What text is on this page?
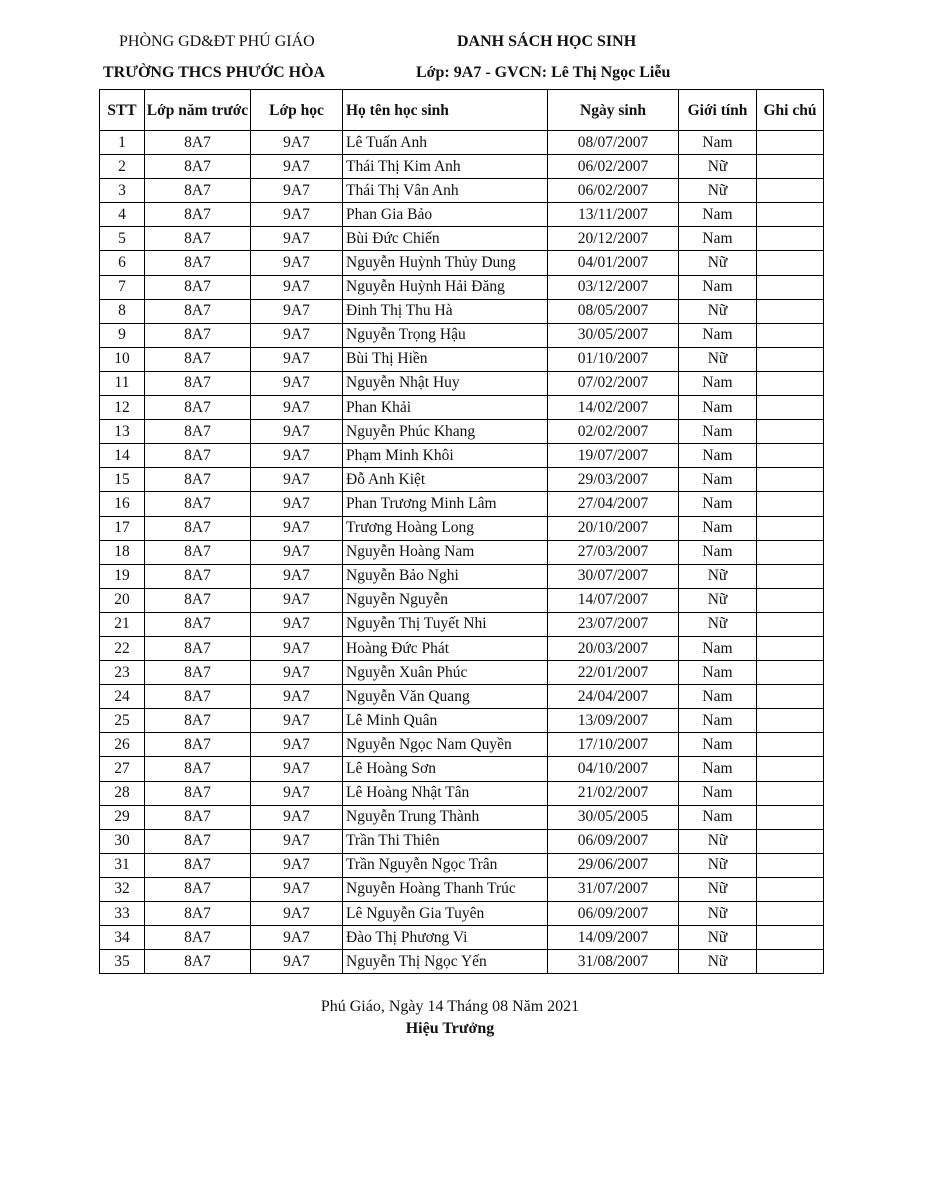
PHÒNG GD&ĐT PHÚ GIÁO
TRƯỜNG THCS PHƯỚC HÒA
DANH SÁCH HỌC SINH
Lớp: 9A7 - GVCN: Lê Thị Ngọc Liễu
STT	Lớp năm trước	Lớp học	Họ tên học sinh	Ngày sinh	Giới tính	Ghi chú
1	8A7	9A7	Lê Tuấn Anh	08/07/2007	Nam	
2	8A7	9A7	Thái Thị Kim Anh	06/02/2007	Nữ	
3	8A7	9A7	Thái Thị Vân Anh	06/02/2007	Nữ	
4	8A7	9A7	Phan Gia Bảo	13/11/2007	Nam	
5	8A7	9A7	Bùi Đức Chiến	20/12/2007	Nam	
6	8A7	9A7	Nguyễn Huỳnh Thủy Dung	04/01/2007	Nữ	
7	8A7	9A7	Nguyễn Huỳnh Hải Đăng	03/12/2007	Nam	
8	8A7	9A7	Đinh Thị Thu Hà	08/05/2007	Nữ	
9	8A7	9A7	Nguyễn Trọng Hậu	30/05/2007	Nam	
10	8A7	9A7	Bùi Thị Hiền	01/10/2007	Nữ	
11	8A7	9A7	Nguyễn Nhật Huy	07/02/2007	Nam	
12	8A7	9A7	Phan Khải	14/02/2007	Nam	
13	8A7	9A7	Nguyễn Phúc Khang	02/02/2007	Nam	
14	8A7	9A7	Phạm Minh Khôi	19/07/2007	Nam	
15	8A7	9A7	Đỗ Anh Kiệt	29/03/2007	Nam	
16	8A7	9A7	Phan Trương Minh Lâm	27/04/2007	Nam	
17	8A7	9A7	Trương Hoàng Long	20/10/2007	Nam	
18	8A7	9A7	Nguyễn Hoàng Nam	27/03/2007	Nam	
19	8A7	9A7	Nguyễn Bảo Nghi	30/07/2007	Nữ	
20	8A7	9A7	Nguyễn Nguyễn	14/07/2007	Nữ	
21	8A7	9A7	Nguyễn Thị Tuyết Nhi	23/07/2007	Nữ	
22	8A7	9A7	Hoàng Đức Phát	20/03/2007	Nam	
23	8A7	9A7	Nguyễn Xuân Phúc	22/01/2007	Nam	
24	8A7	9A7	Nguyễn Văn Quang	24/04/2007	Nam	
25	8A7	9A7	Lê Minh Quân	13/09/2007	Nam	
26	8A7	9A7	Nguyễn Ngọc Nam Quyền	17/10/2007	Nam	
27	8A7	9A7	Lê Hoàng Sơn	04/10/2007	Nam	
28	8A7	9A7	Lê Hoàng Nhật Tân	21/02/2007	Nam	
29	8A7	9A7	Nguyễn Trung Thành	30/05/2005	Nam	
30	8A7	9A7	Trần Thi Thiên	06/09/2007	Nữ	
31	8A7	9A7	Trần Nguyễn Ngọc Trân	29/06/2007	Nữ	
32	8A7	9A7	Nguyễn Hoàng Thanh Trúc	31/07/2007	Nữ	
33	8A7	9A7	Lê Nguyễn Gia Tuyên	06/09/2007	Nữ	
34	8A7	9A7	Đào Thị Phương Vi	14/09/2007	Nữ	
35	8A7	9A7	Nguyễn Thị Ngọc Yến	31/08/2007	Nữ	
Phú Giáo, Ngày 14 Tháng 08 Năm 2021
Hiệu Trưởng
